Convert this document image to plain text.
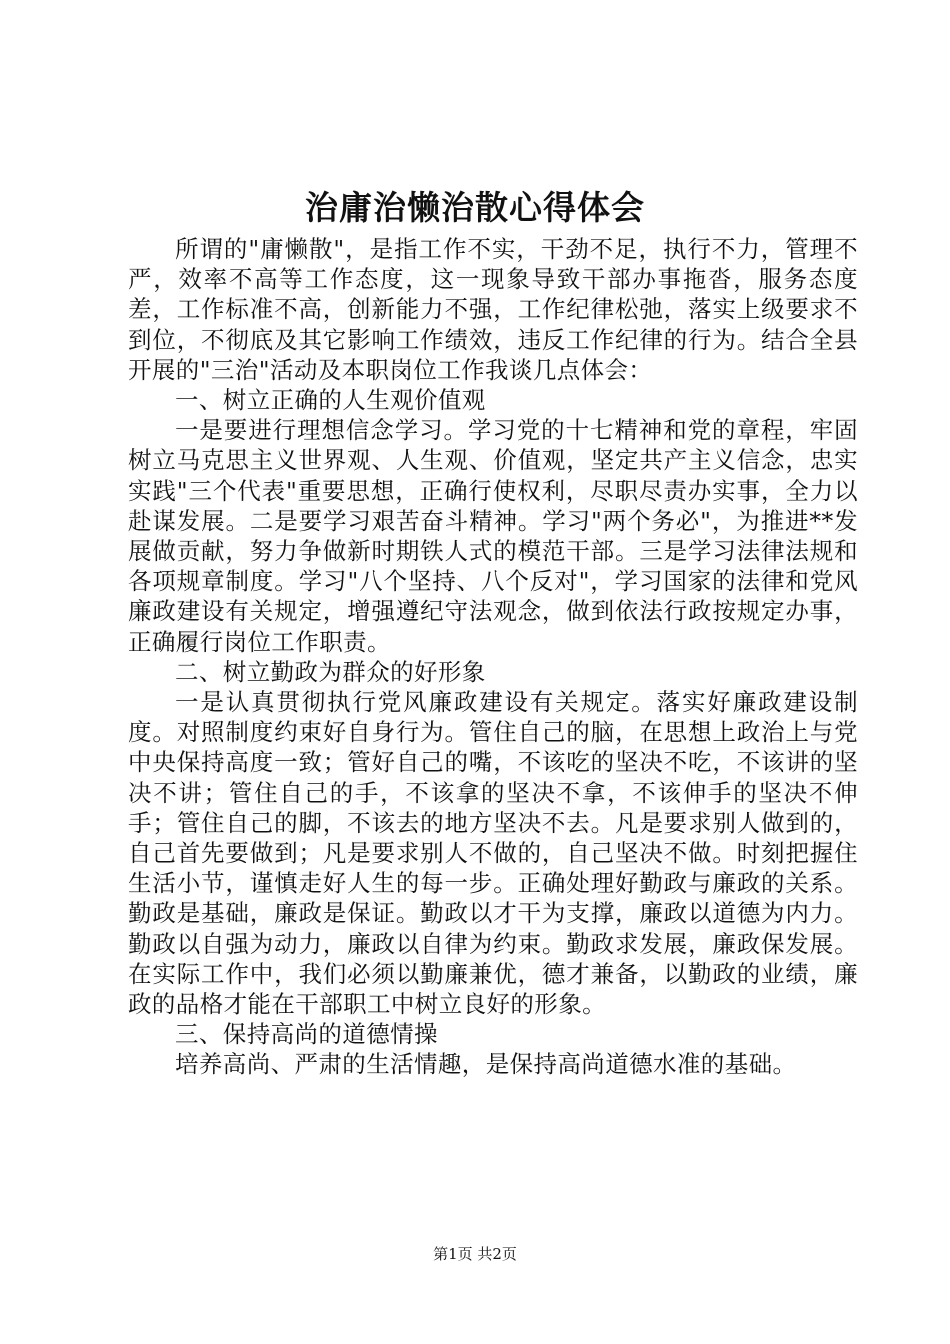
治庸治懒治散心得体会

所谓的"庸懒散"，是指工作不实，干劲不足，执行不力，管理不严，效率不高等工作态度，这一现象导致干部办事拖沓，服务态度差，工作标准不高，创新能力不强，工作纪律松弛，落实上级要求不到位，不彻底及其它影响工作绩效，违反工作纪律的行为。结合全县开展的"三治"活动及本职岗位工作我谈几点体会：

一、树立正确的人生观价值观

一是要进行理想信念学习。学习党的十七精神和党的章程，牢固树立马克思主义世界观、人生观、价值观，坚定共产主义信念，忠实实践"三个代表"重要思想，正确行使权利，尽职尽责办实事，全力以赴谋发展。二是要学习艰苦奋斗精神。学习"两个务必"，为推进**发展做贡献，努力争做新时期铁人式的模范干部。三是学习法律法规和各项规章制度。学习"八个坚持、八个反对"，学习国家的法律和党风廉政建设有关规定，增强遵纪守法观念，做到依法行政按规定办事，正确履行岗位工作职责。

二、树立勤政为群众的好形象

一是认真贯彻执行党风廉政建设有关规定。落实好廉政建设制度。对照制度约束好自身行为。管住自己的脑，在思想上政治上与党中央保持高度一致；管好自己的嘴，不该吃的坚决不吃，不该讲的坚决不讲；管住自己的手，不该拿的坚决不拿，不该伸手的坚决不伸手；管住自己的脚，不该去的地方坚决不去。凡是要求别人做到的，自己首先要做到；凡是要求别人不做的，自己坚决不做。时刻把握住生活小节，谨慎走好人生的每一步。正确处理好勤政与廉政的关系。勤政是基础，廉政是保证。勤政以才干为支撑，廉政以道德为内力。勤政以自强为动力，廉政以自律为约束。勤政求发展，廉政保发展。在实际工作中，我们必须以勤廉兼优，德才兼备，以勤政的业绩，廉政的品格才能在干部职工中树立良好的形象。

三、保持高尚的道德情操

培养高尚、严肃的生活情趣，是保持高尚道德水准的基础。

第1页 共2页
